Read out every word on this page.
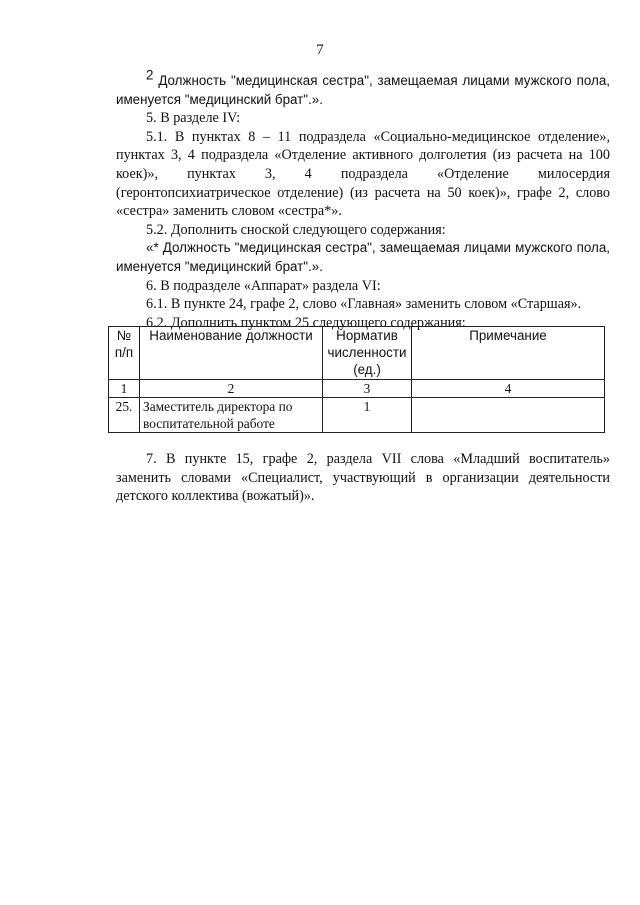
7

2 Должность "медицинская сестра", замещаемая лицами мужского пола, именуется "медицинский брат".».

5. В разделе IV:

5.1. В пунктах 8 – 11 подраздела «Социально-медицинское отделение», пунктах 3, 4 подраздела «Отделение активного долголетия (из расчета на 100 коек)», пунктах 3, 4 подраздела «Отделение милосердия (геронтопсихиатрическое отделение) (из расчета на 50 коек)», графе 2, слово «сестра» заменить словом «сестра*».

5.2. Дополнить сноской следующего содержания:

«* Должность "медицинская сестра", замещаемая лицами мужского пола, именуется "медицинский брат".».

6. В подразделе «Аппарат» раздела VI:

6.1. В пункте 24, графе 2, слово «Главная» заменить словом «Старшая».

6.2. Дополнить пунктом 25 следующего содержания:

№ п/п	Наименование должности	Норматив численности (ед.)	Примечание
1	2	3	4
25.	Заместитель директора по воспитательной работе	1	

7. В пункте 15, графе 2, раздела VII слова «Младший воспитатель» заменить словами «Специалист, участвующий в организации деятельности детского коллектива (вожатый)».
